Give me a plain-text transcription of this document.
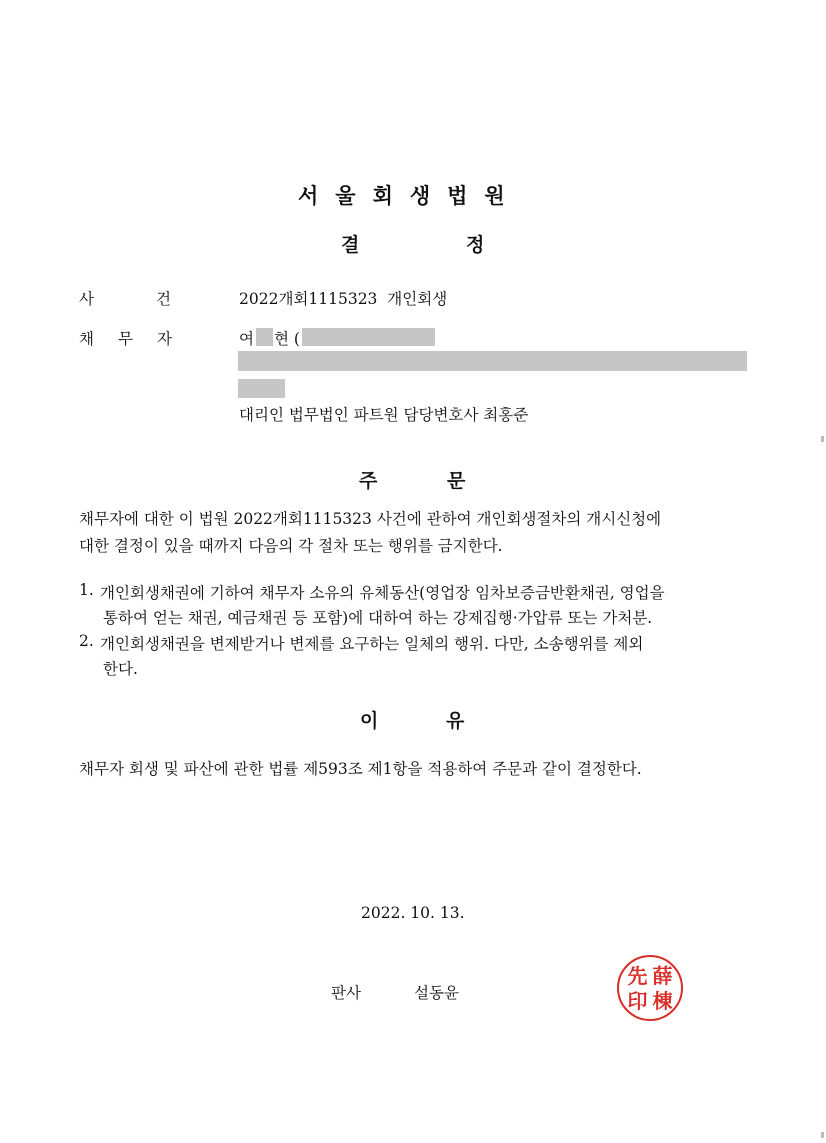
서울회생법원
결	정
사	건	2022개회1115323  개인회생
채 무 자	여 현 (
대리인 법무법인 파트원 담당변호사 최홍준
주	문
채무자에 대한 이 법원 2022개회1115323 사건에 관하여 개인회생절차의 개시신청에
대한 결정이 있을 때까지 다음의 각 절차 또는 행위를 금지한다.
1. 개인회생채권에 기하여 채무자 소유의 유체동산(영업장 임차보증금반환채권, 영업을
통하여 얻는 채권, 예금채권 등 포함)에 대하여 하는 강제집행·가압류 또는 가처분.
2. 개인회생채권을 변제받거나 변제를 요구하는 일체의 행위. 다만, 소송행위를 제외
한다.
이	유
채무자 회생 및 파산에 관한 법률 제593조 제1항을 적용하여 주문과 같이 결정한다.
2022. 10. 13.
판사	설동윤
先 薛
印 棟
